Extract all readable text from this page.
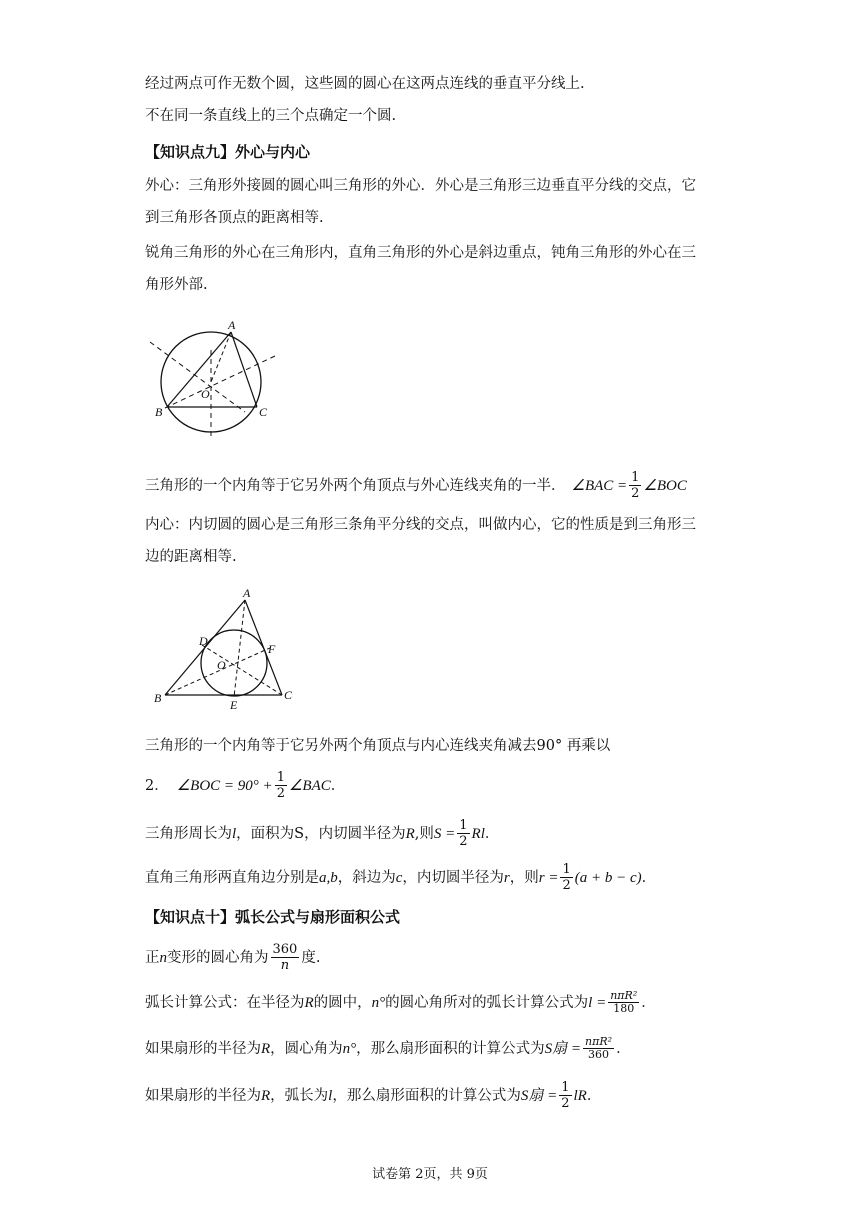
经过两点可作无数个圆，这些圆的圆心在这两点连线的垂直平分线上.
不在同一条直线上的三个点确定一个圆.
【知识点九】外心与内心
外心：三角形外接圆的圆心叫三角形的外心．外心是三角形三边垂直平分线的交点，它
到三角形各顶点的距离相等.
锐角三角形的外心在三角形内，直角三角形的外心是斜边重点，钝角三角形的外心在三
角形外部.
A
B	C
O
三角形的一个内角等于它另外两个角顶点与外心连线夹角的一半． ∠BAC = $\frac{1}{2}$ ∠BOC
内心：内切圆的圆心是三角形三条角平分线的交点，叫做内心，它的性质是到三角形三
边的距离相等.
A
B	C
D
E
F
O
三角形的一个内角等于它另外两个角顶点与内心连线夹角减去90° 再乘以
2． ∠BOC = $90^\circ + \frac{1}{2}$ ∠BAC ．
三角形周长为 l ，面积为S，内切圆半径为 R ,则 $S = \frac{1}{2}$ Rl ．
直角三角形两直角边分别是 a,b ，斜边为 c ，内切圆半径为 r ，则 $r = \frac{1}{2} (a + b - c)$ ．
【知识点十】弧长公式与扇形面积公式
正 n 变形的圆心角为 $\frac{360}{n}$ 度.
弧长计算公式：在半径为 R 的圆中， n° 的圆心角所对的弧长计算公式为 $l = \frac{\text{nπR²}}{180}$ ．
如果扇形的半径为 R ，圆心角为 n° ，那么扇形面积的计算公式为 S扇 = $\frac{\text{nπR²}}{360}$ ．
如果扇形的半径为 R ，弧长为 l ，那么扇形面积的计算公式为 S扇 = $\frac{1}{2}$ lR ．
试卷第 2页，共 9页
